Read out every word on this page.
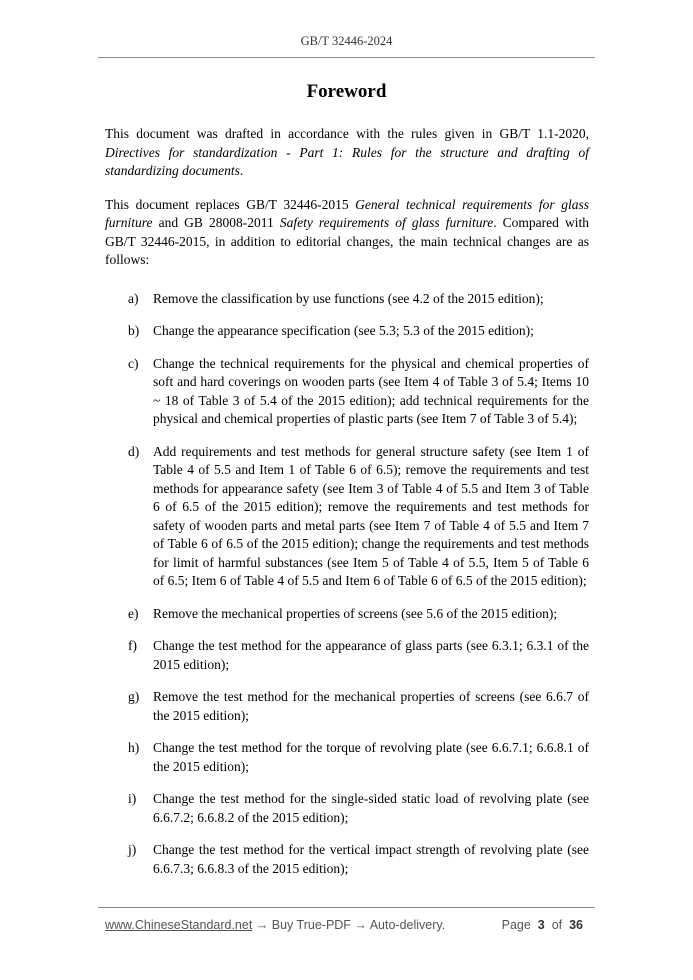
GB/T 32446-2024
Foreword

This document was drafted in accordance with the rules given in GB/T 1.1-2020, Directives for standardization - Part 1: Rules for the structure and drafting of standardizing documents.

This document replaces GB/T 32446-2015 General technical requirements for glass furniture and GB 28008-2011 Safety requirements of glass furniture. Compared with GB/T 32446-2015, in addition to editorial changes, the main technical changes are as follows:

a) Remove the classification by use functions (see 4.2 of the 2015 edition);
b) Change the appearance specification (see 5.3; 5.3 of the 2015 edition);
c) Change the technical requirements for the physical and chemical properties of soft and hard coverings on wooden parts (see Item 4 of Table 3 of 5.4; Items 10 ~ 18 of Table 3 of 5.4 of the 2015 edition); add technical requirements for the physical and chemical properties of plastic parts (see Item 7 of Table 3 of 5.4);
d) Add requirements and test methods for general structure safety (see Item 1 of Table 4 of 5.5 and Item 1 of Table 6 of 6.5); remove the requirements and test methods for appearance safety (see Item 3 of Table 4 of 5.5 and Item 3 of Table 6 of 6.5 of the 2015 edition); remove the requirements and test methods for safety of wooden parts and metal parts (see Item 7 of Table 4 of 5.5 and Item 7 of Table 6 of 6.5 of the 2015 edition); change the requirements and test methods for limit of harmful substances (see Item 5 of Table 4 of 5.5, Item 5 of Table 6 of 6.5; Item 6 of Table 4 of 5.5 and Item 6 of Table 6 of 6.5 of the 2015 edition);
e) Remove the mechanical properties of screens (see 5.6 of the 2015 edition);
f) Change the test method for the appearance of glass parts (see 6.3.1; 6.3.1 of the 2015 edition);
g) Remove the test method for the mechanical properties of screens (see 6.6.7 of the 2015 edition);
h) Change the test method for the torque of revolving plate (see 6.6.7.1; 6.6.8.1 of the 2015 edition);
i) Change the test method for the single-sided static load of revolving plate (see 6.6.7.2; 6.6.8.2 of the 2015 edition);
j) Change the test method for the vertical impact strength of revolving plate (see 6.6.7.3; 6.6.8.3 of the 2015 edition);
www.ChineseStandard.net → Buy True-PDF → Auto-delivery.	Page 3 of 36
